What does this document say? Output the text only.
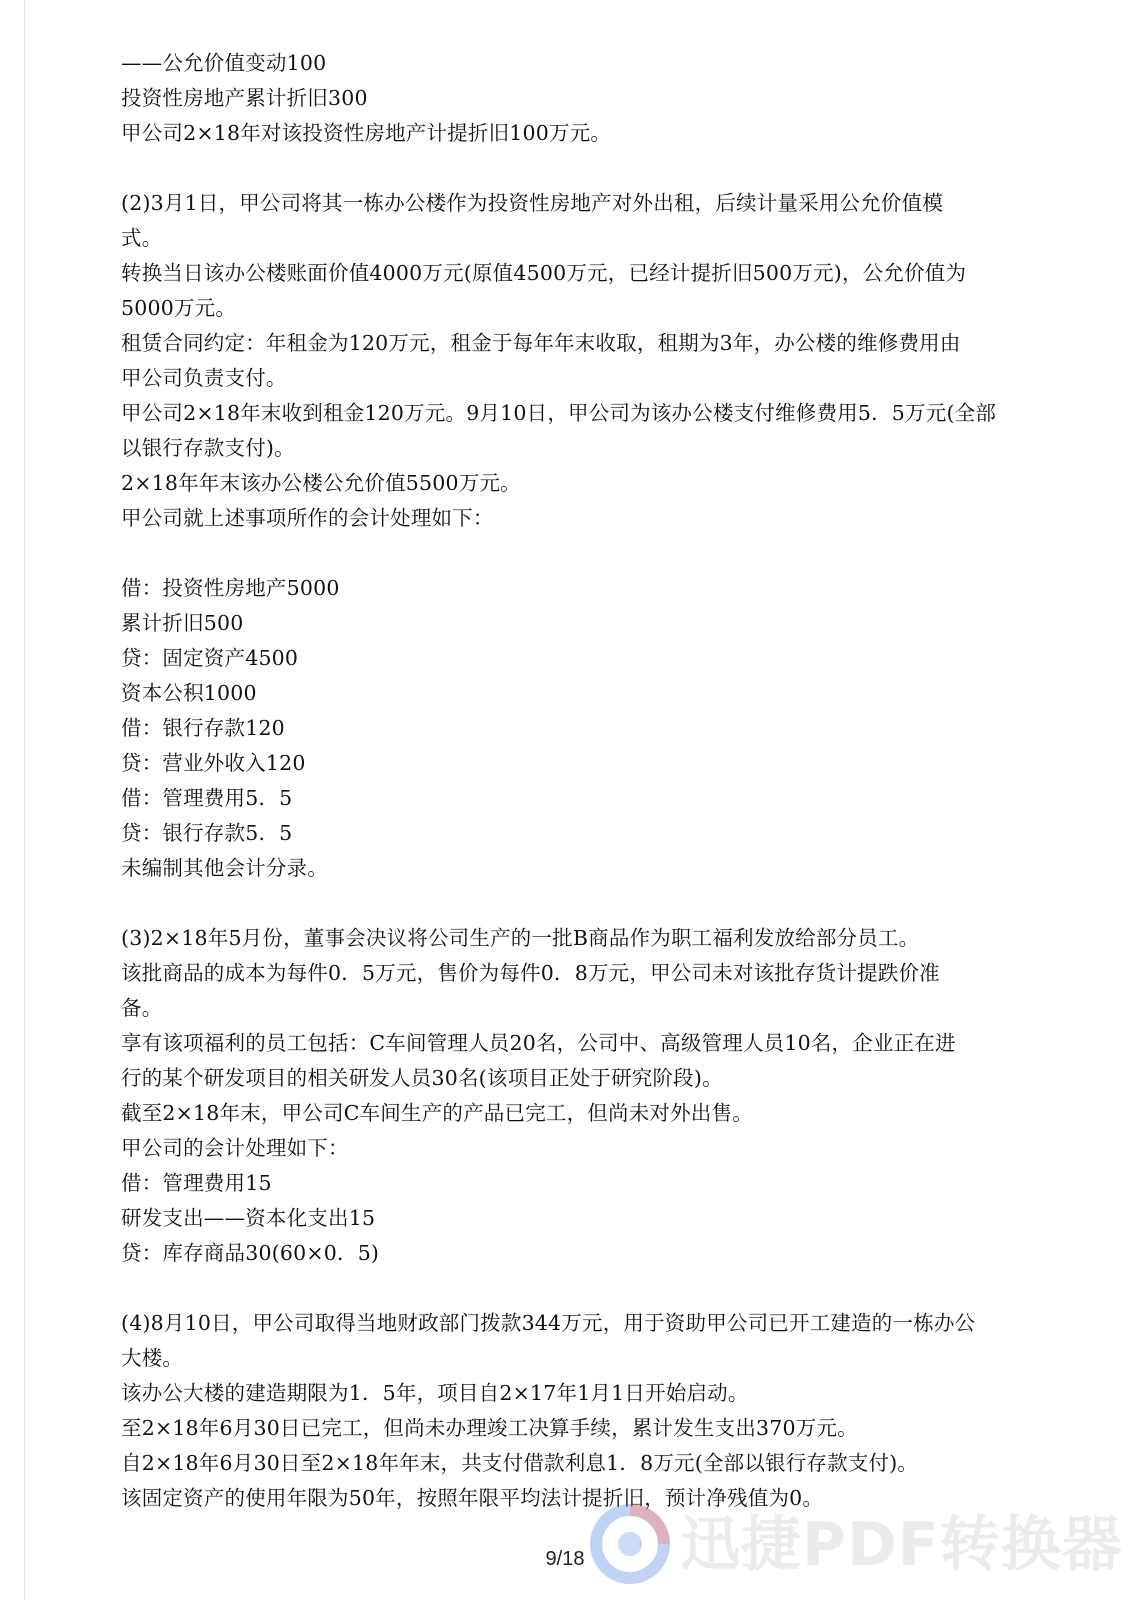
——公允价值变动100
投资性房地产累计折旧300
甲公司2×18年对该投资性房地产计提折旧100万元。
(2)3月1日，甲公司将其一栋办公楼作为投资性房地产对外出租，后续计量采用公允价值模
式。
转换当日该办公楼账面价值4000万元(原值4500万元，已经计提折旧500万元)，公允价值为
5000万元。
租赁合同约定：年租金为120万元，租金于每年年末收取，租期为3年，办公楼的维修费用由
甲公司负责支付。
甲公司2×18年末收到租金120万元。9月10日，甲公司为该办公楼支付维修费用5．5万元(全部
以银行存款支付)。
2×18年年末该办公楼公允价值5500万元。
甲公司就上述事项所作的会计处理如下：
借：投资性房地产5000
累计折旧500
贷：固定资产4500
资本公积1000
借：银行存款120
贷：营业外收入120
借：管理费用5．5
贷：银行存款5．5
未编制其他会计分录。
(3)2×18年5月份，董事会决议将公司生产的一批B商品作为职工福利发放给部分员工。
该批商品的成本为每件0．5万元，售价为每件0．8万元，甲公司未对该批存货计提跌价准
备。
享有该项福利的员工包括：C车间管理人员20名，公司中、高级管理人员10名，企业正在进
行的某个研发项目的相关研发人员30名(该项目正处于研究阶段)。
截至2×18年末，甲公司C车间生产的产品已完工，但尚未对外出售。
甲公司的会计处理如下：
借：管理费用15
研发支出——资本化支出15
贷：库存商品30(60×0．5)
(4)8月10日，甲公司取得当地财政部门拨款344万元，用于资助甲公司已开工建造的一栋办公
大楼。
该办公大楼的建造期限为1．5年，项目自2×17年1月1日开始启动。
至2×18年6月30日已完工，但尚未办理竣工决算手续，累计发生支出370万元。
自2×18年6月30日至2×18年年末，共支付借款利息1．8万元(全部以银行存款支付)。
该固定资产的使用年限为50年，按照年限平均法计提折旧，预计净残值为0。
9/18	迅捷PDF转换器
